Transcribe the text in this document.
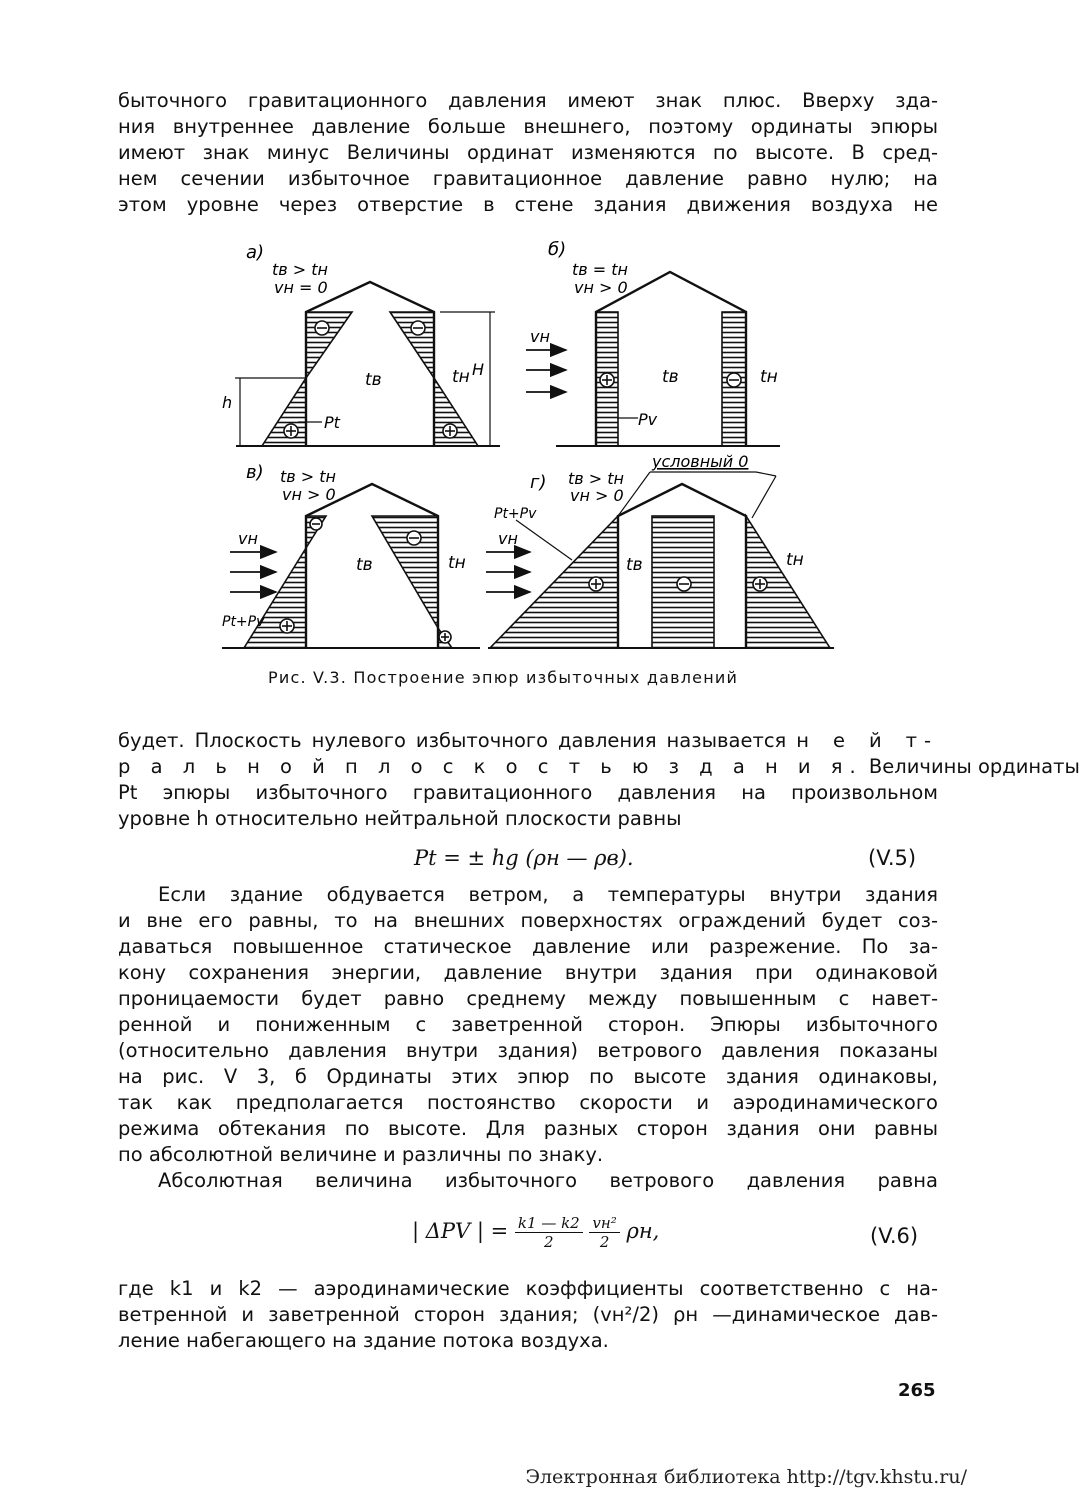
быточного гравитационного давления имеют знак плюс. Вверху зда-
ния внутреннее давление больше внешнего, поэтому ординаты эпюры
имеют знак минус Величины ординат изменяются по высоте. В сред-
нем сечении избыточное гравитационное давление равно нулю; на
этом уровне через отверстие в стене здания движения воздуха не
а)
tв > tн
vн = 0
tв	tн H
h
Pt
б)
tв = tн
vн > 0
vн
tв	tн
Pv
в) tв > tн
vн > 0
vн
tв	tн
Pt+Pv
г) tв > tн
vн > 0
условный 0
Pt+Pv
vн
tв	tн
Рис. V.3. Построение эпюр избыточных давлений
будет. Плоскость нулевого избыточного давления называется н е й т-
р а л ь н о й п л о с к о с т ь ю з д а н и я. Величины ординаты
Pt эпюры избыточного гравитационного давления на произвольном
уровне h относительно нейтральной плоскости равны
Pt = ± hg (ρн — ρв).	(V.5)
Если здание обдувается ветром, а температуры внутри здания
и вне его равны, то на внешних поверхностях ограждений будет соз-
даваться повышенное статическое давление или разрежение. По за-
кону сохранения энергии, давление внутри здания при одинаковой
проницаемости будет равно среднему между повышенным с навет-
ренной и пониженным с заветренной сторон. Эпюры избыточного
(относительно давления внутри здания) ветрового давления показаны
на рис. V 3, б Ординаты этих эпюр по высоте здания одинаковы,
так как предполагается постоянство скорости и аэродинамического
режима обтекания по высоте. Для разных сторон здания они равны
по абсолютной величине и различны по знаку.
Абсолютная величина избыточного ветрового давления равна
| ΔPV | = $\frac{k1 — k2}{2}$
$\frac{\text{vн²}}{2} \rho н$,	(V.6)
где k1 и k2 — аэродинамические коэффициенты соответственно с на-
ветренной и заветренной сторон здания; (vн²/2) ρн —динамическое дав-
ление набегающего на здание потока воздуха.
265
Электронная библиотека http://tgv.khstu.ru/
